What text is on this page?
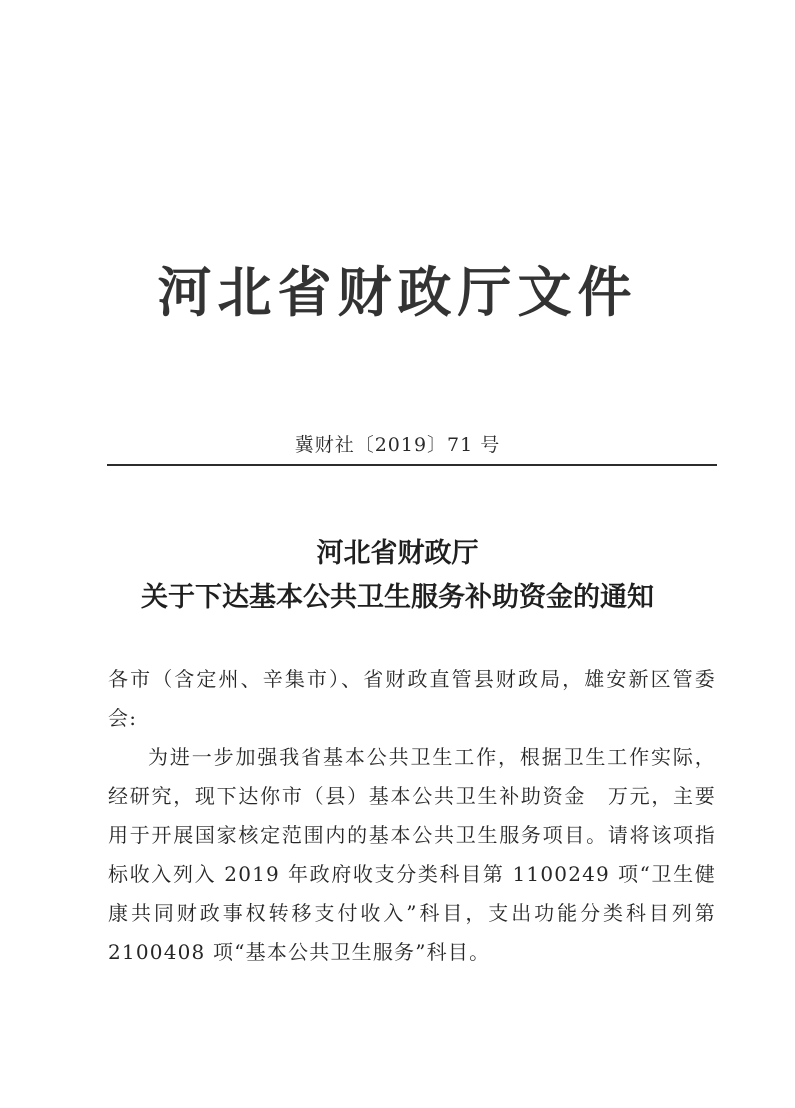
河北省财政厅文件
冀财社〔2019〕71 号
河北省财政厅
关于下达基本公共卫生服务补助资金的通知

各市（含定州、辛集市）、省财政直管县财政局，雄安新区管委会:

为进一步加强我省基本公共卫生工作，根据卫生工作实际，经研究，现下达你市（县）基本公共卫生补助资金　万元，主要用于开展国家核定范围内的基本公共卫生服务项目。请将该项指标收入列入 2019 年政府收支分类科目第 1100249 项“卫生健康共同财政事权转移支付收入”科目，支出功能分类科目列第 2100408 项“基本公共卫生服务”科目。
